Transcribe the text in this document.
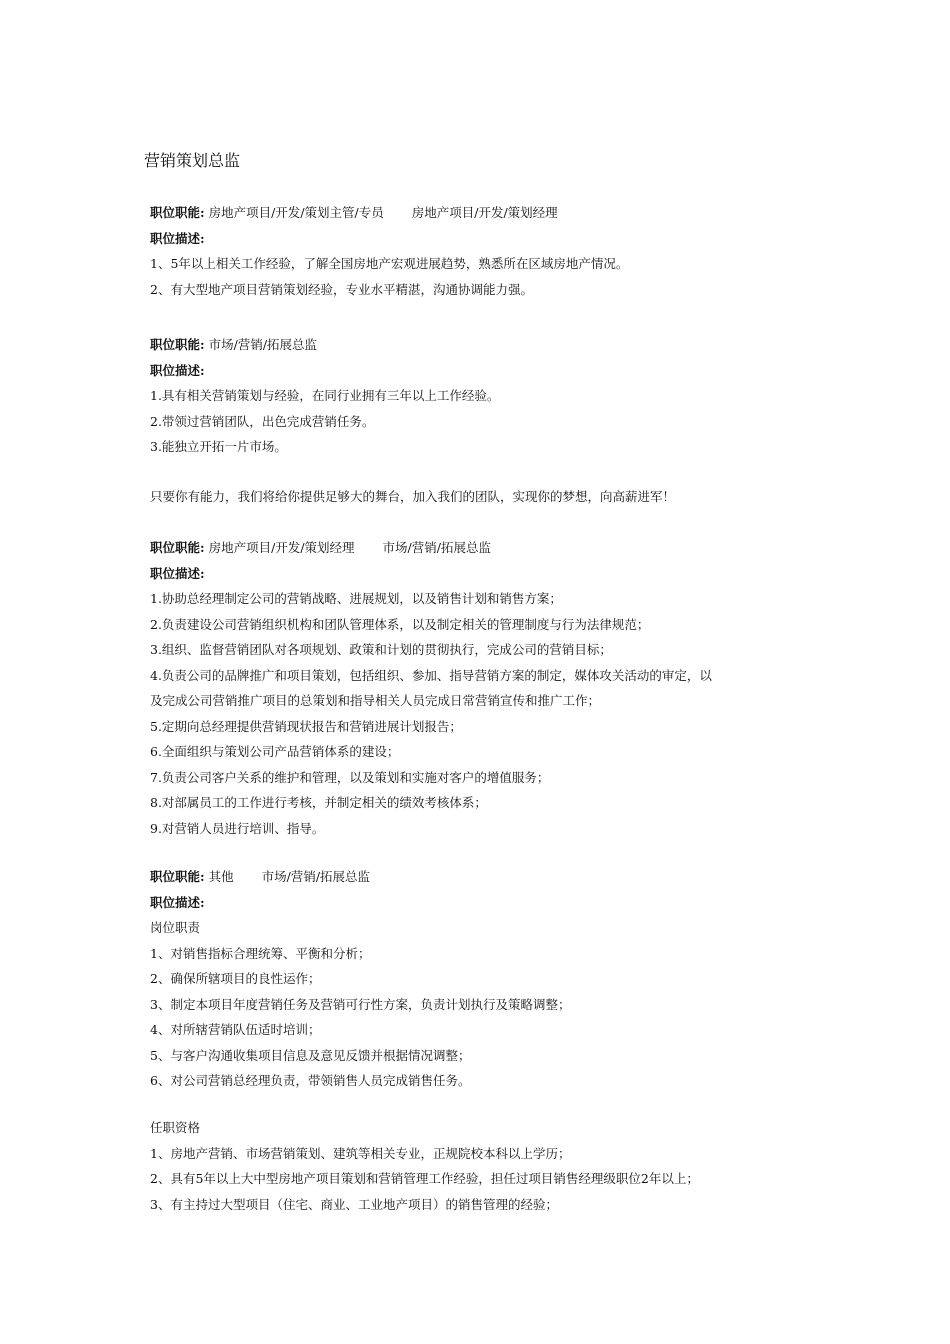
营销策划总监
职位职能: 房地产项目/开发/策划主管/专员 房地产项目/开发/策划经理
职位描述:
1、5年以上相关工作经验，了解全国房地产宏观进展趋势，熟悉所在区域房地产情况。
2、有大型地产项目营销策划经验，专业水平精湛，沟通协调能力强。
职位职能: 市场/营销/拓展总监
职位描述:
1.具有相关营销策划与经验，在同行业拥有三年以上工作经验。
2.带领过营销团队，出色完成营销任务。
3.能独立开拓一片市场。
只要你有能力，我们将给你提供足够大的舞台，加入我们的团队，实现你的梦想，向高薪进军！
职位职能: 房地产项目/开发/策划经理 市场/营销/拓展总监
职位描述:
1.协助总经理制定公司的营销战略、进展规划，以及销售计划和销售方案；
2.负责建设公司营销组织机构和团队管理体系，以及制定相关的管理制度与行为法律规范；
3.组织、监督营销团队对各项规划、政策和计划的贯彻执行，完成公司的营销目标；
4.负责公司的品牌推广和项目策划，包括组织、参加、指导营销方案的制定，媒体攻关活动的审定，以
及完成公司营销推广项目的总策划和指导相关人员完成日常营销宣传和推广工作；
5.定期向总经理提供营销现状报告和营销进展计划报告；
6.全面组织与策划公司产品营销体系的建设；
7.负责公司客户关系的维护和管理，以及策划和实施对客户的增值服务；
8.对部属员工的工作进行考核，并制定相关的绩效考核体系；
9.对营销人员进行培训、指导。
职位职能: 其他 市场/营销/拓展总监
职位描述:
岗位职责
1、对销售指标合理统筹、平衡和分析；
2、确保所辖项目的良性运作；
3、制定本项目年度营销任务及营销可行性方案，负责计划执行及策略调整；
4、对所辖营销队伍适时培训；
5、与客户沟通收集项目信息及意见反馈并根据情况调整；
6、对公司营销总经理负责，带领销售人员完成销售任务。
任职资格
1、房地产营销、市场营销策划、建筑等相关专业，正规院校本科以上学历；
2、具有5年以上大中型房地产项目策划和营销管理工作经验，担任过项目销售经理级职位2年以上；
3、有主持过大型项目（住宅、商业、工业地产项目）的销售管理的经验；
